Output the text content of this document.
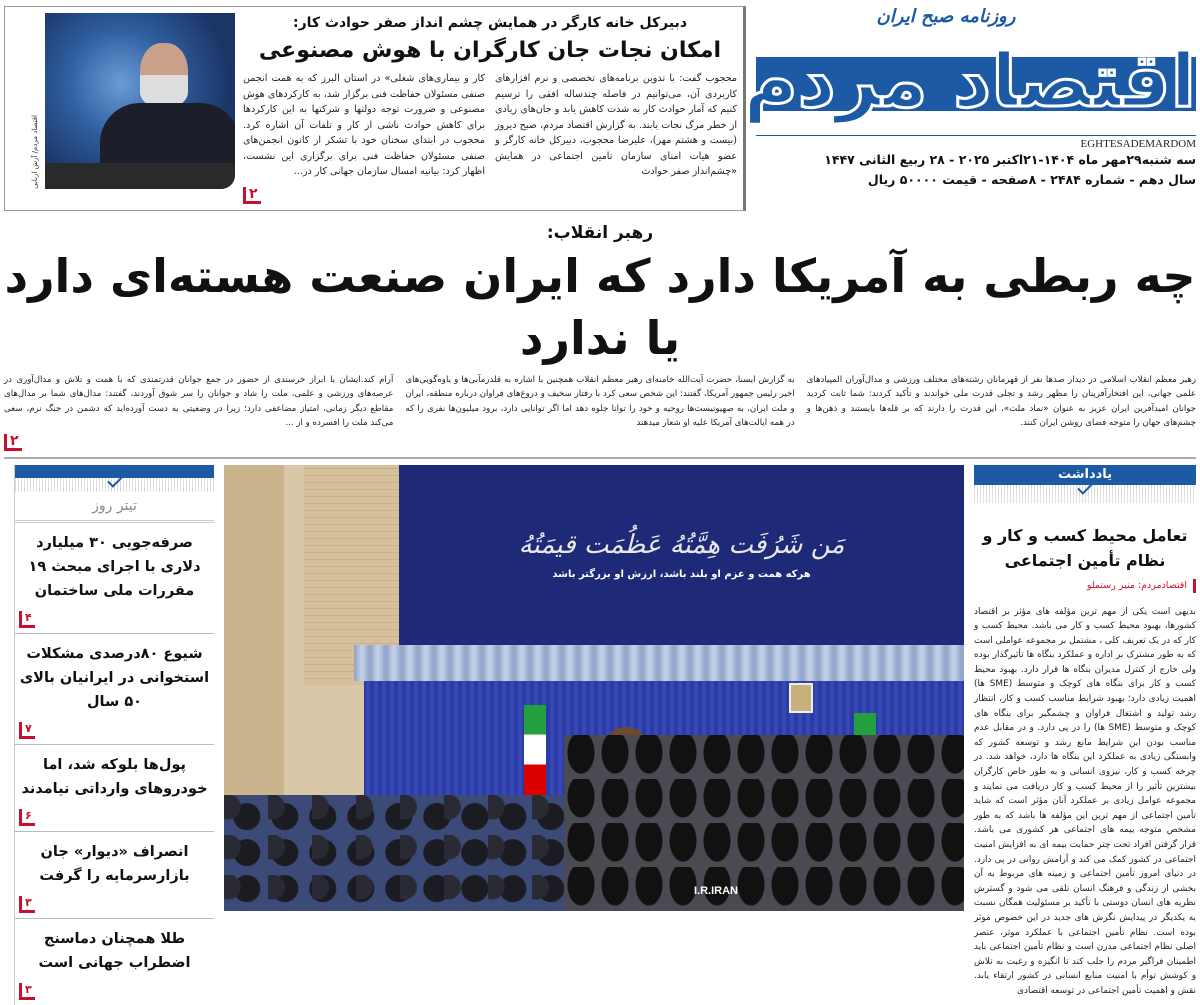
روزنامه صبح ایران
اقتصاد مردم
EGHTESADEMARDOM
سه شنبه۲۹مهر ماه ۱۴۰۴-۲۱اکتبر ۲۰۲۵ - ۲۸ ربیع الثانی ۱۴۴۷
سال دهم - شماره ۲۴۸۴ - ۸صفحه - قیمت ۵۰۰۰۰ ریال
دبیرکل خانه کارگر در همایش چشم انداز صفر حوادث کار:
امکان نجات جان کارگران با هوش مصنوعی
محجوب گفت: با تدوین برنامه‌های تخصصی و نرم افزارهای کاربردی آن، می‌توانیم در فاصله چندساله افقی را ترسیم کنیم که آمار حوادث کار به شدت کاهش یابد و جان‌های زیادی از خطر مرگ نجات یابند. به گزارش اقتصاد مردم، صبح دیروز (بیست و هشتم مهر)، علیرضا محجوب، دبیرکل خانه کارگر و عضو هیات امنای سازمان تامین اجتماعی در همایش «چشم‌انداز صفر حوادث
کار و بیماری‌های شغلی» در استان البرز که به همت انجمن صنفی مسئولان حفاظت فنی برگزار شد، به کارکردهای هوش مصنوعی و ضرورت توجه دولتها و شرکتها به این کارکردها برای کاهش حوادث ناشی از کار و تلفات آن اشاره کرد. محجوب در ابتدای سخنان خود با تشکر از کانون انجمن‌های صنفی مسئولان حفاظت فنی برای برگزاری این نشست، اظهار کرد: بیانیه امسال سازمان جهانی کار در...
۲
اقتصاد مردم/ آرش اربابی
رهبر انقلاب:
چه ربطی به آمریکا دارد که ایران صنعت هسته‌ای دارد یا ندارد
رهبر معظم انقلاب اسلامی در دیدار صدها نفر از قهرمانان رشته‌های مختلف ورزشی و مدال‌آوران المپیادهای علمی جهانی، این افتخارآفرینان را مظهر رشد و تجلی قدرت ملی خواندند و تأکید کردند: شما ثابت کردید جوانان امیدآفرین ایران عزیز به عنوان «نماد ملت»، این قدرت را دارند که بر قله‌ها بایستند و ذهن‌ها و چشم‌های جهان را متوجه فضای روشن ایران کنند.
به گزارش ایسنا، حضرت آیت‌الله خامنه‌ای رهبر معظم انقلاب همچنین با اشاره به قلدرمآبی‌ها و یاوه‌گویی‌های اخیر رئیس جمهور آمریکا، گفتند: این شخص سعی کرد با رفتار سخیف و دروغ‌های فراوان درباره منطقه، ایران و ملت ایران، به صهیونیست‌ها روحیه و خود را توانا جلوه دهد اما اگر توانایی دارد، برود میلیون‌ها نفری را که در همه ایالت‌های آمریکا علیه او شعار میدهند
آرام کند.ایشان با ابراز خرسندی از حضور در جمع جوانان قدرتمندی که با همت و تلاش و مدال‌آوری در عرصه‌های ورزشی و علمی، ملت را شاد و جوانان را سر شوق آوردند، گفتند: مدال‌های شما بر مدال‌های مقاطع دیگر زمانی، امتیاز مضاعفی دارد؛ زیرا در وضعیتی به دست آوردەاید که دشمن در جنگ نرم، سعی می‌کند ملت را افسرده و از ...
۲
یادداشت
تعامل محیط کسب و کار و نظام تأمین اجتماعی
اقتصادمردم: منیر رستملو
بدیهی است یکی از مهم ترین مؤلفه های مؤثر بر اقتصاد کشورها، بهبود محیط کسب و کار می باشد. محیط کسب و کار که در یک تعریف کلی ، مشتمل بر مجموعه عواملی است که به طور مشترک بر اداره و عملکرد بنگاه ها تأثیرگذار بوده ولی خارج از کنترل مدیران بنگاه ها قرار دارد. بهبود محیط کسب و کار برای بنگاه های کوچک و متوسط (SME ها) اهمیت زیادی دارد؛ بهبود شرایط مناسب کسب و کار، انتظار رشد تولید و اشتغال فراوان و چشمگیر برای بنگاه های کوچک و متوسط (SME ها) را در پی دارد. و در مقابل عدم مناسب بودن این شرایط مانع رشد و توسعه کشور که وابستگی زیادی به عملکرد این بنگاه ها دارد، خواهد شد. در چرخه کسب و کار، نیروی انسانی و به طور خاص کارگران بیشترین تأثیر را از محیط کسب و کار دریافت می نمایند و مجموعه عوامل زیادی بر عملکرد آنان مؤثر است که شاید تأمین اجتماعی از مهم ترین این مؤلفه ها باشد که به طور مشخص متوجه بیمه های اجتماعی هر کشوری می باشد. قرار گرفتن افراد تحت چتر حمایت بیمه ای به افزایش امنیت اجتماعی در کشور کمک می کند و آرامش روانی در پی دارد. در دنیای امروز تأمین اجتماعی و زمینه های مربوط به آن بخشی از زندگی و فرهنگ انسان تلقی می شود و گسترش نظریه های انسان دوستی با تأکید بر مسئولیت همگان نسبت به یکدیگر در پیدایش نگرش های جدید در این خصوص موثر بوده است. نظام تأمین اجتماعی با عملکرد موثر، عنصر اصلی نظام اجتماعی مدرن است و نظام تأمین اجتماعی باید اطمینان فراگیر مردم را جلب کند تا انگیزه و رغبت به تلاش و کوشش توأم با امنیت منابع انسانی در کشور ارتقاء یابد. نقش و اهمیت تأمین اجتماعی در توسعه اقتصادی
مَن شَرُفَت هِمَّتُهُ عَظُمَت قیمَتُهُ
هرکه همت و عزم او بلند باشد، ارزش او بزرگتر باشد
I.R.IRAN
تیتر روز
صرفه‌جویی ۳۰ میلیارد دلاری با اجرای مبحث ۱۹ مقررات ملی ساختمان
۴
شیوع ۸۰درصدی مشکلات استخوانی در ایرانیان بالای ۵۰ سال
۷
پول‌ها بلوکه شد، اما خودروهای وارداتی نیامدند
۶
انصراف «دیوار» جان بازارسرمایه را گرفت
۳
طلا همچنان دماسنج اضطراب جهانی است
۳
